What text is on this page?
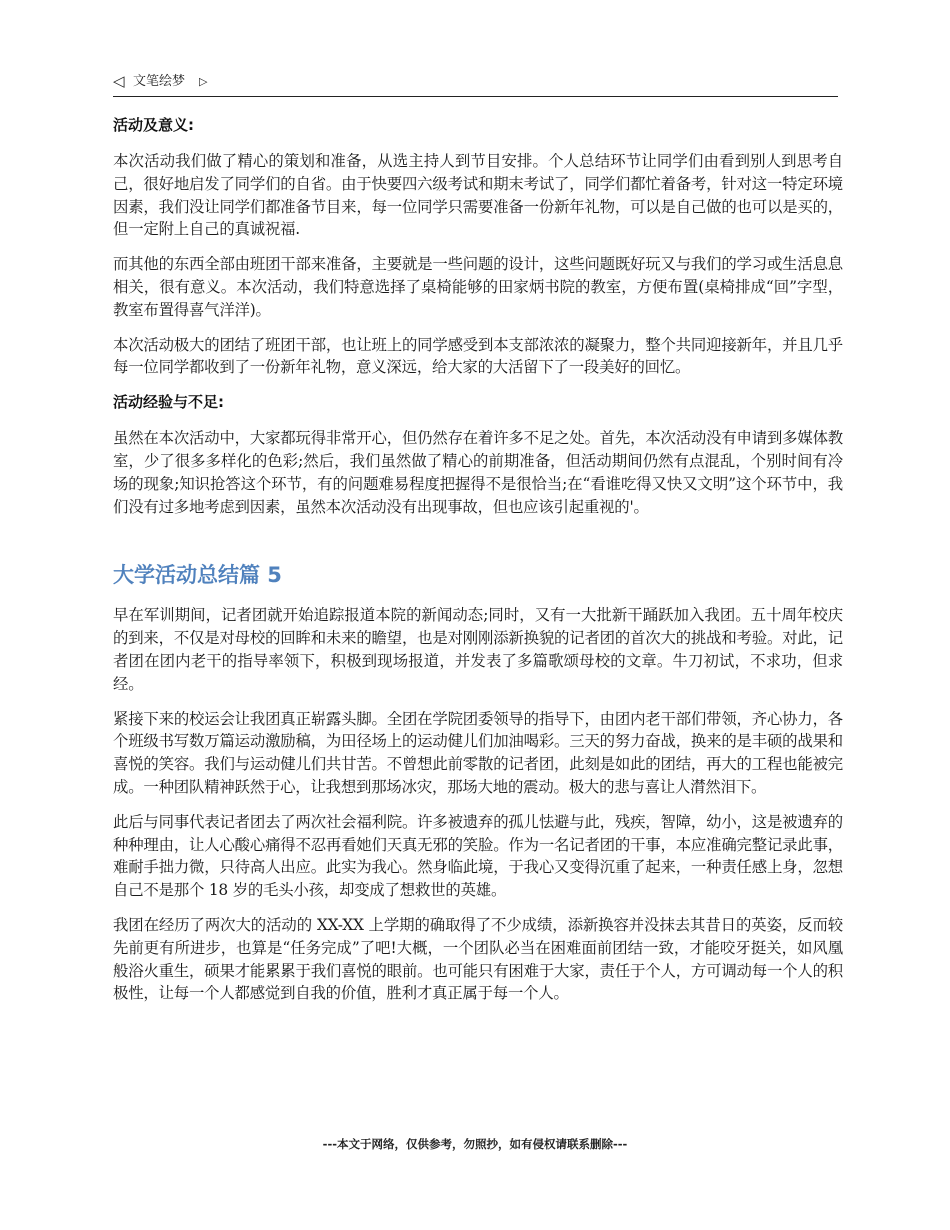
◁ 文笔绘梦 ▷
活动及意义:

本次活动我们做了精心的策划和准备，从选主持人到节目安排。个人总结环节让同学们由看到别人到思考自己，很好地启发了同学们的自省。由于快要四六级考试和期末考试了，同学们都忙着备考，针对这一特定环境因素，我们没让同学们都准备节目来，每一位同学只需要准备一份新年礼物，可以是自己做的也可以是买的，但一定附上自己的真诚祝福.

而其他的东西全部由班团干部来准备，主要就是一些问题的设计，这些问题既好玩又与我们的学习或生活息息相关，很有意义。本次活动，我们特意选择了桌椅能够的田家炳书院的教室，方便布置(桌椅排成“回”字型，教室布置得喜气洋洋)。

本次活动极大的团结了班团干部，也让班上的同学感受到本支部浓浓的凝聚力，整个共同迎接新年，并且几乎每一位同学都收到了一份新年礼物，意义深远，给大家的大活留下了一段美好的回忆。

活动经验与不足:

虽然在本次活动中，大家都玩得非常开心，但仍然存在着许多不足之处。首先，本次活动没有申请到多媒体教室，少了很多多样化的色彩;然后，我们虽然做了精心的前期准备，但活动期间仍然有点混乱，个别时间有冷场的现象;知识抢答这个环节，有的问题难易程度把握得不是很恰当;在“看谁吃得又快又文明”这个环节中，我们没有过多地考虑到因素，虽然本次活动没有出现事故，但也应该引起重视的'。

大学活动总结篇 5

早在军训期间，记者团就开始追踪报道本院的新闻动态;同时，又有一大批新干踊跃加入我团。五十周年校庆的到来，不仅是对母校的回眸和未来的瞻望，也是对刚刚添新换貌的记者团的首次大的挑战和考验。对此，记者团在团内老干的指导率领下，积极到现场报道，并发表了多篇歌颂母校的文章。牛刀初试，不求功，但求经。

紧接下来的校运会让我团真正崭露头脚。全团在学院团委领导的指导下，由团内老干部们带领，齐心协力，各个班级书写数万篇运动激励稿，为田径场上的运动健儿们加油喝彩。三天的努力奋战，换来的是丰硕的战果和喜悦的笑容。我们与运动健儿们共甘苦。不曾想此前零散的记者团，此刻是如此的团结，再大的工程也能被完成。一种团队精神跃然于心，让我想到那场冰灾，那场大地的震动。极大的悲与喜让人潸然泪下。

此后与同事代表记者团去了两次社会福利院。许多被遗弃的孤儿怯避与此，残疾，智障，幼小，这是被遗弃的种种理由，让人心酸心痛得不忍再看她们天真无邪的笑脸。作为一名记者团的干事，本应准确完整记录此事，难耐手拙力微，只待高人出应。此实为我心。然身临此境，于我心又变得沉重了起来，一种责任感上身，忽想自己不是那个 18 岁的毛头小孩，却变成了想救世的英雄。

我团在经历了两次大的活动的 XX-XX 上学期的确取得了不少成绩，添新换容并没抹去其昔日的英姿，反而较先前更有所进步，也算是“任务完成”了吧!大概，一个团队必当在困难面前团结一致，才能咬牙挺关，如风凰般浴火重生，硕果才能累累于我们喜悦的眼前。也可能只有困难于大家，责任于个人，方可调动每一个人的积极性，让每一个人都感觉到自我的价值，胜利才真正属于每一个人。

---本文于网络，仅供参考，勿照抄，如有侵权请联系删除---
